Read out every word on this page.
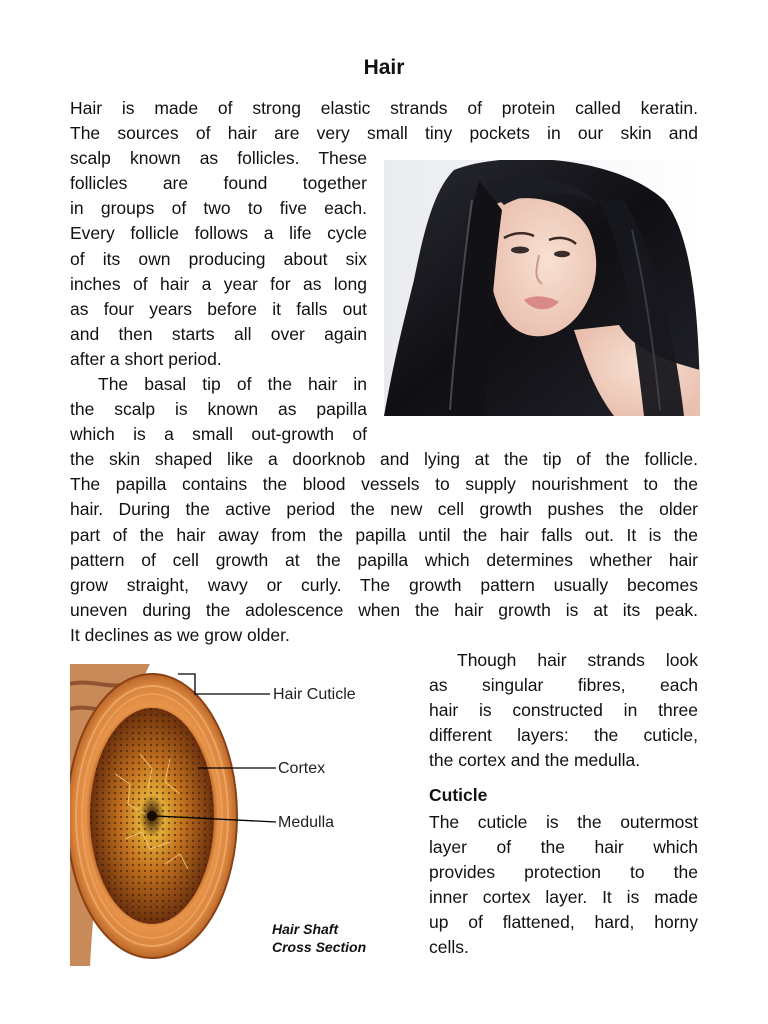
Hair
Hair is made of strong elastic strands of protein called keratin.
The sources of hair are very small tiny pockets in our skin and
scalp known as follicles. These
follicles are found together
in groups of two to five each.
Every follicle follows a life cycle
of its own producing about six
inches of hair a year for as long
as four years before it falls out
and then starts all over again
after a short period.
The basal tip of the hair in
the scalp is known as papilla
which is a small out-growth of
the skin shaped like a doorknob and lying at the tip of the follicle.
The papilla contains the blood vessels to supply nourishment to the
hair. During the active period the new cell growth pushes the older
part of the hair away from the papilla until the hair falls out. It is the
pattern of cell growth at the papilla which determines whether hair
grow straight, wavy or curly. The growth pattern usually becomes
uneven during the adolescence when the hair growth is at its peak.
It declines as we grow older.
Though hair strands look
as singular fibres, each
hair is constructed in three
different layers: the cuticle,
the cortex and the medulla.
Cuticle
The cuticle is the outermost
layer of the hair which
provides protection to the
inner cortex layer. It is made
up of flattened, hard, horny
cells.
Hair Cuticle
Cortex
Medulla
Hair Shaft
Cross Section
